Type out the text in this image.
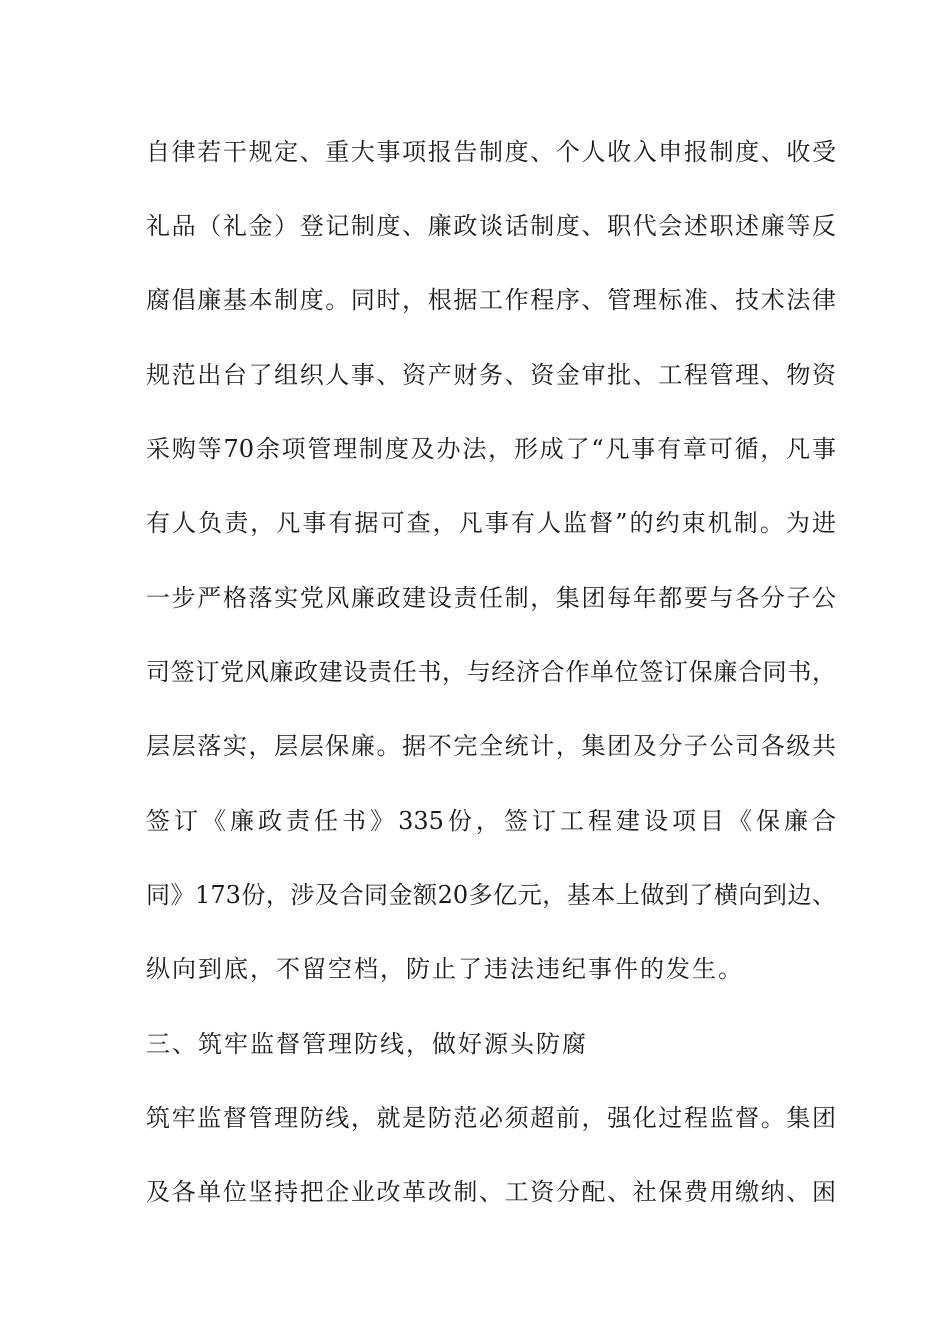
自律若干规定、重大事项报告制度、个人收入申报制度、收受
礼品（礼金）登记制度、廉政谈话制度、职代会述职述廉等反
腐倡廉基本制度。同时，根据工作程序、管理标准、技术法律
规范出台了组织人事、资产财务、资金审批、工程管理、物资
采购等70余项管理制度及办法，形成了“凡事有章可循，凡事
有人负责，凡事有据可查，凡事有人监督”的约束机制。为进
一步严格落实党风廉政建设责任制，集团每年都要与各分子公
司签订党风廉政建设责任书，与经济合作单位签订保廉合同书，
层层落实，层层保廉。据不完全统计，集团及分子公司各级共
签订《廉政责任书》335份，签订工程建设项目《保廉合
同》173份，涉及合同金额20多亿元，基本上做到了横向到边、
纵向到底，不留空档，防止了违法违纪事件的发生。
三、筑牢监督管理防线，做好源头防腐
筑牢监督管理防线，就是防范必须超前，强化过程监督。集团
及各单位坚持把企业改革改制、工资分配、社保费用缴纳、困
